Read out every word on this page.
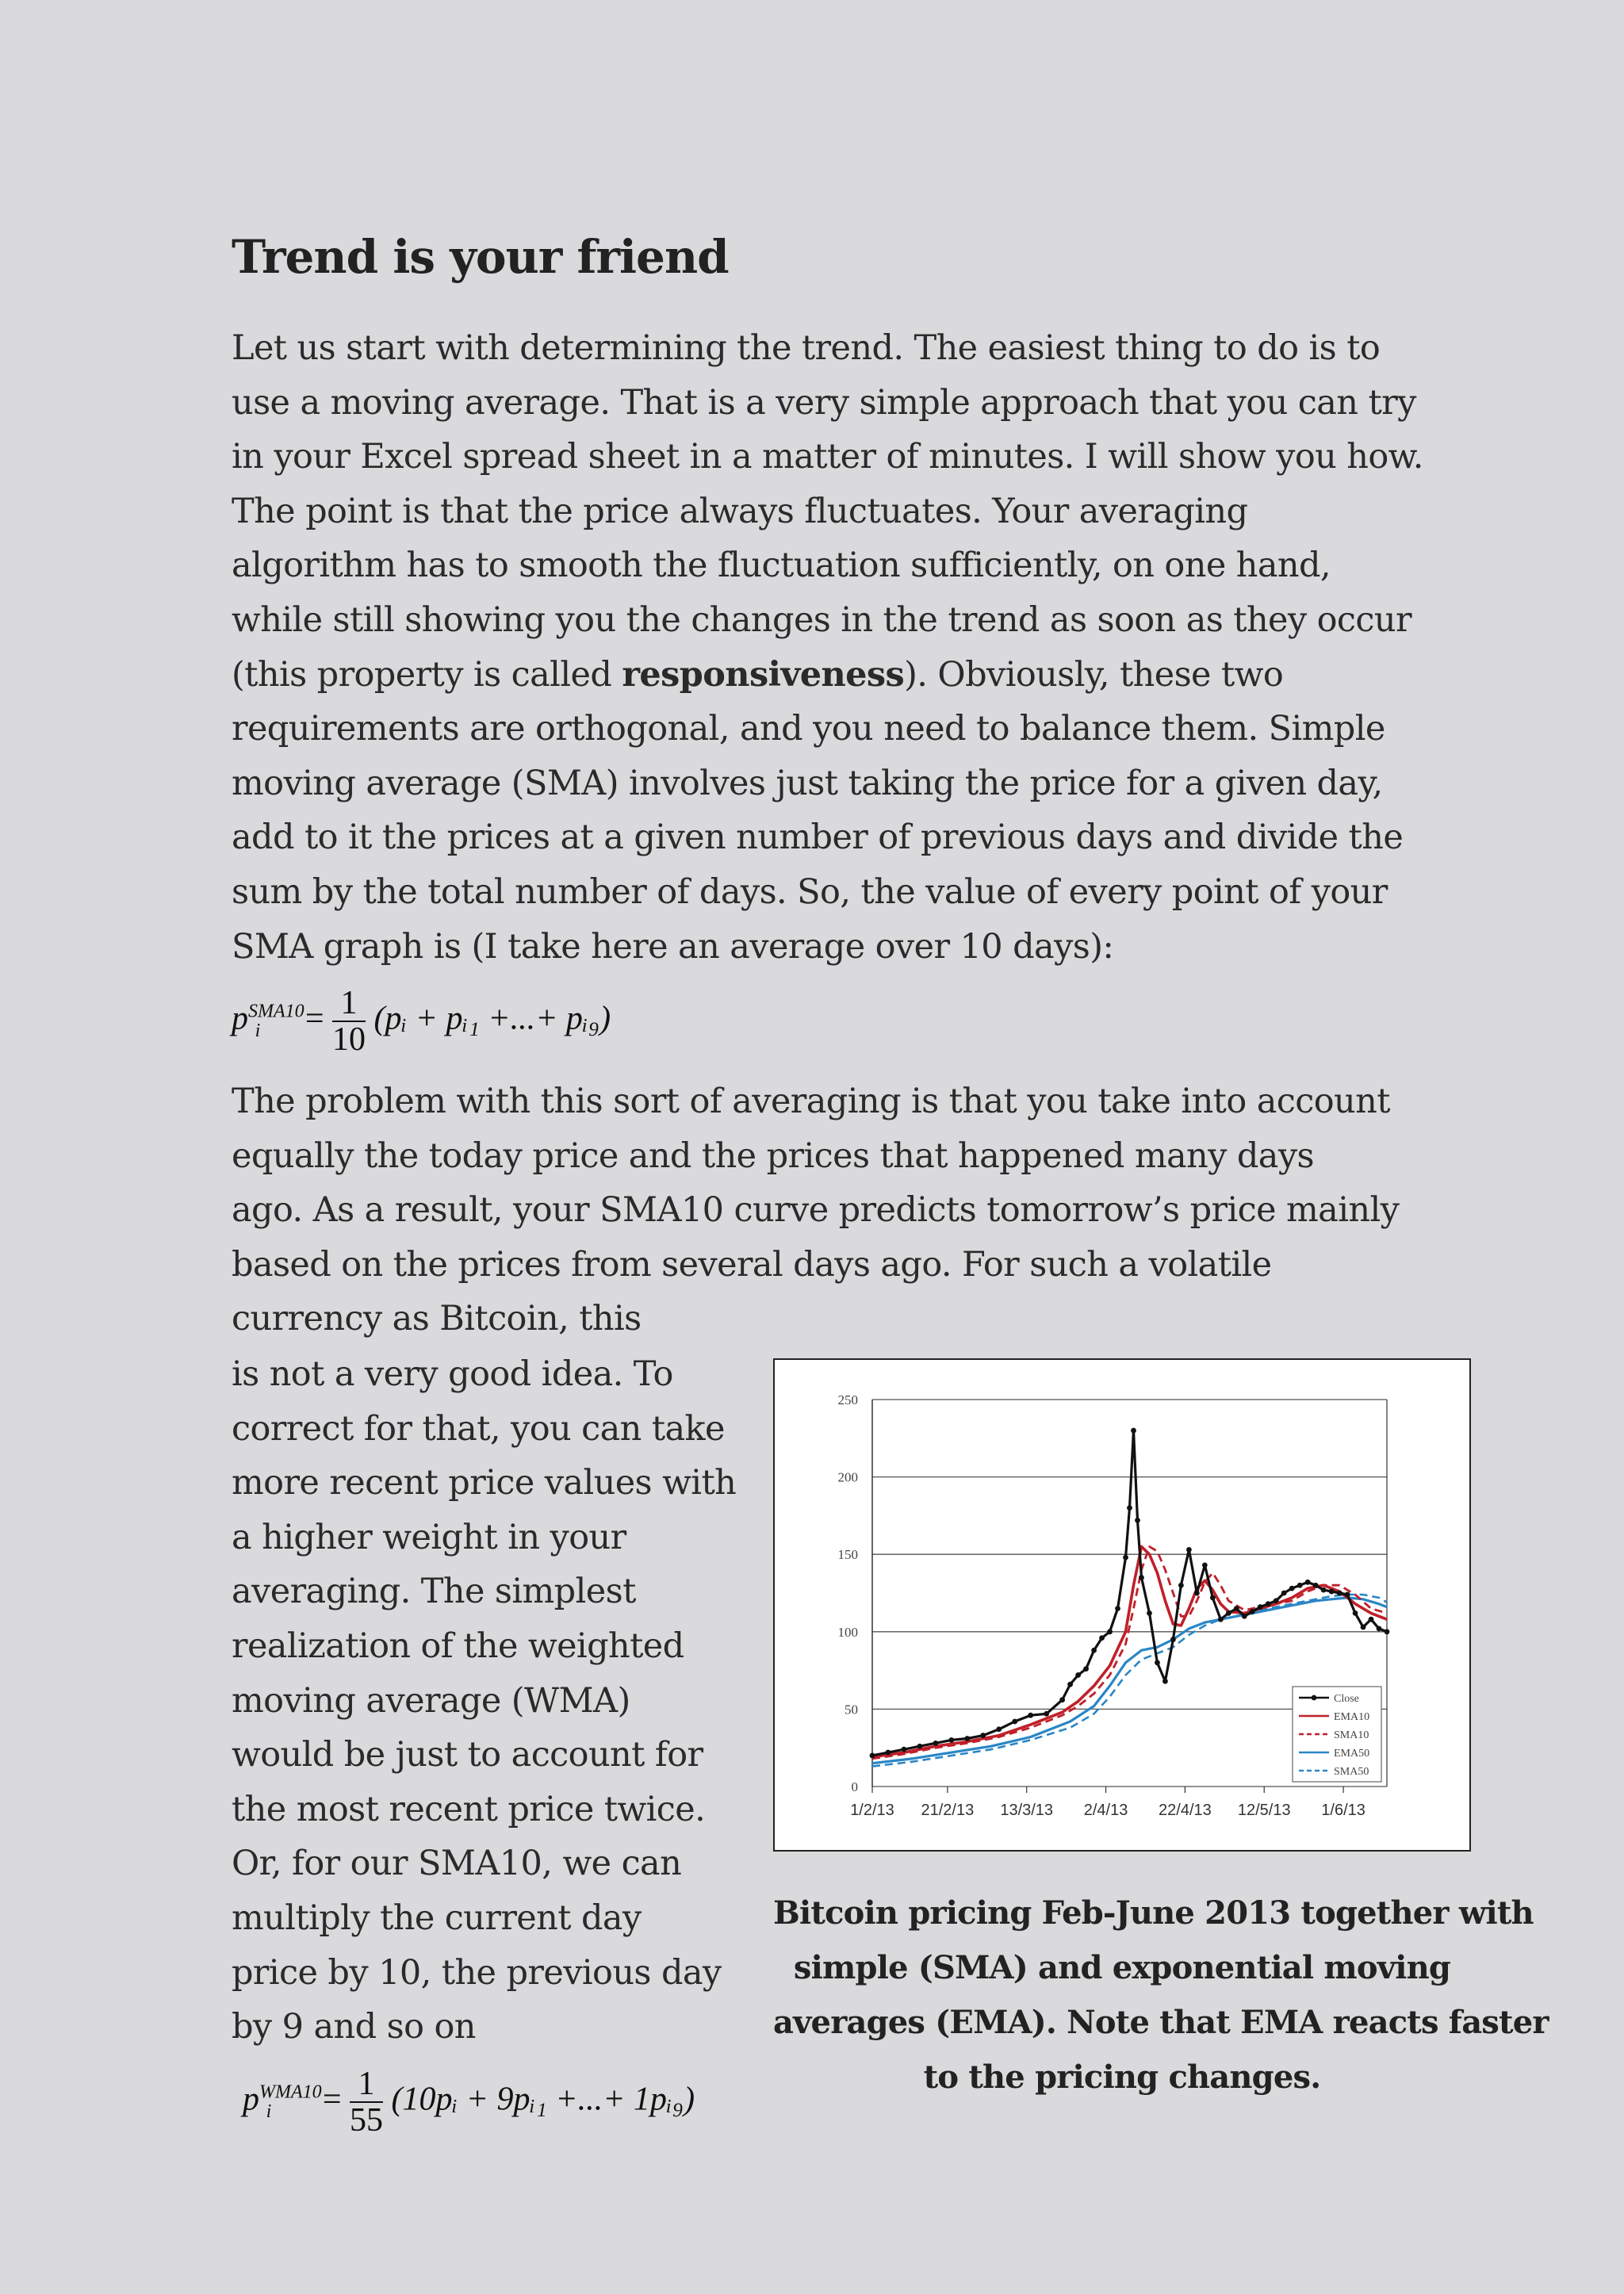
Trend is your friend
Let us start with determining the trend. The easiest thing to do is to
use a moving average. That is a very simple approach that you can try
in your Excel spread sheet in a matter of minutes. I will show you how.
The point is that the price always fluctuates. Your averaging
algorithm has to smooth the fluctuation sufficiently, on one hand,
while still showing you the changes in the trend as soon as they occur
(this property is called responsiveness). Obviously, these two
requirements are orthogonal, and you need to balance them. Simple
moving average (SMA) involves just taking the price for a given day,
add to it the prices at a given number of previous days and divide the
sum by the total number of days. So, the value of every point of your
SMA graph is (I take here an average over 10 days):
$p^{SMA10}_i = \frac{1}{10}$ (pᵢ + pᵢ₁ +...+ pᵢ₉)
The problem with this sort of averaging is that you take into account
equally the today price and the prices that happened many days
ago. As a result, your SMA10 curve predicts tomorrow’s price mainly
based on the prices from several days ago. For such a volatile
currency as Bitcoin, this
is not a very good idea. To
correct for that, you can take
more recent price values with
a higher weight in your
averaging. The simplest
realization of the weighted
moving average (WMA)
would be just to account for
the most recent price twice.
Or, for our SMA10, we can
multiply the current day
price by 10, the previous day
by 9 and so on
$p^{WMA10}_i = \frac{1}{55}$ (10pᵢ + 9pᵢ₁ +...+ 1pᵢ₉)
0
50
100
150
200
250
1/2/13 21/2/13 13/3/13 2/4/13 22/4/13 12/5/13 1/6/13
Close
EMA10
SMA10
EMA50
SMA50
Bitcoin pricing Feb-June 2013 together with
simple (SMA) and exponential moving
averages (EMA). Note that EMA reacts faster
to the pricing changes.
